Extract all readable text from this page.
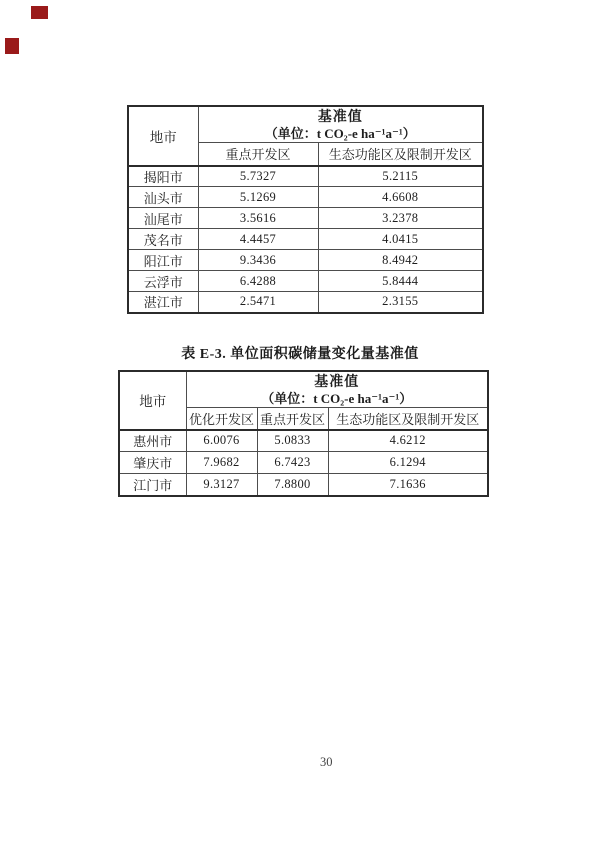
地市	基准值
（单位：t CO₂-e ha⁻¹a⁻¹）	

	重点开发区	生态功能区及限制开发区
揭阳市	5.7327	5.2115
汕头市	5.1269	4.6608
汕尾市	3.5616	3.2378
茂名市	4.4457	4.0415
阳江市	9.3436	8.4942
云浮市	6.4288	5.8444
湛江市	2.5471	2.3155
表 E-3. 单位面积碳储量变化量基准值
地市	基准值
（单位：t CO₂-e ha⁻¹a⁻¹）		

	优化开发区	重点开发区	生态功能区及限制开发区
惠州市	6.0076	5.0833	4.6212
肇庆市	7.9682	6.7423	6.1294
江门市	9.3127	7.8800	7.1636
30
